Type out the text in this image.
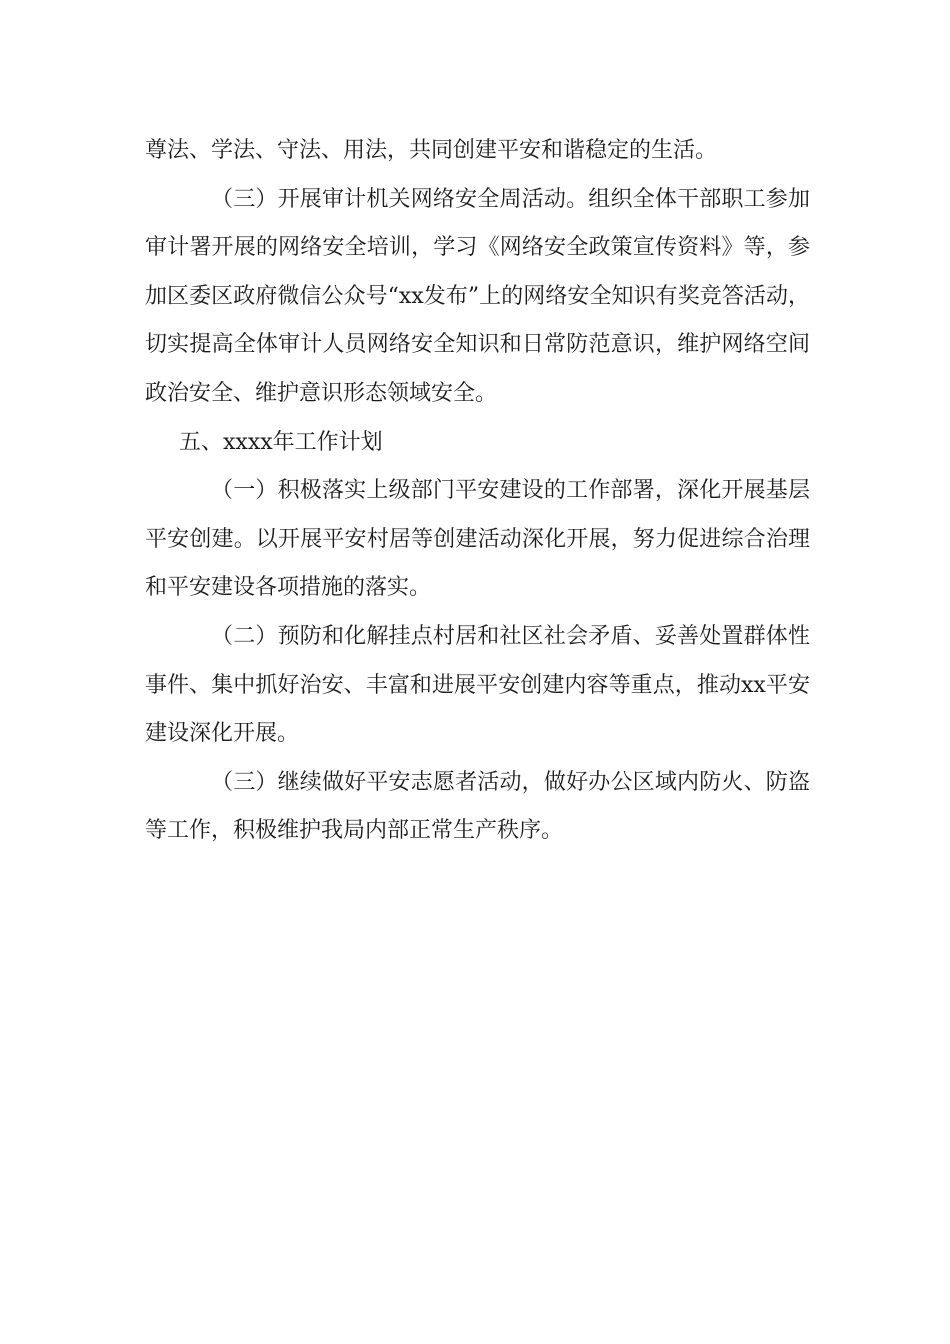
尊法、学法、守法、用法，共同创建平安和谐稳定的生活。

（三）开展审计机关网络安全周活动。组织全体干部职工参加审计署开展的网络安全培训，学习《网络安全政策宣传资料》等，参加区委区政府微信公众号“xx发布”上的网络安全知识有奖竞答活动，切实提高全体审计人员网络安全知识和日常防范意识，维护网络空间政治安全、维护意识形态领域安全。

五、xxxx年工作计划

（一）积极落实上级部门平安建设的工作部署，深化开展基层平安创建。以开展平安村居等创建活动深化开展，努力促进综合治理和平安建设各项措施的落实。

（二）预防和化解挂点村居和社区社会矛盾、妥善处置群体性事件、集中抓好治安、丰富和进展平安创建内容等重点，推动xx平安建设深化开展。

（三）继续做好平安志愿者活动，做好办公区域内防火、防盗等工作，积极维护我局内部正常生产秩序。
